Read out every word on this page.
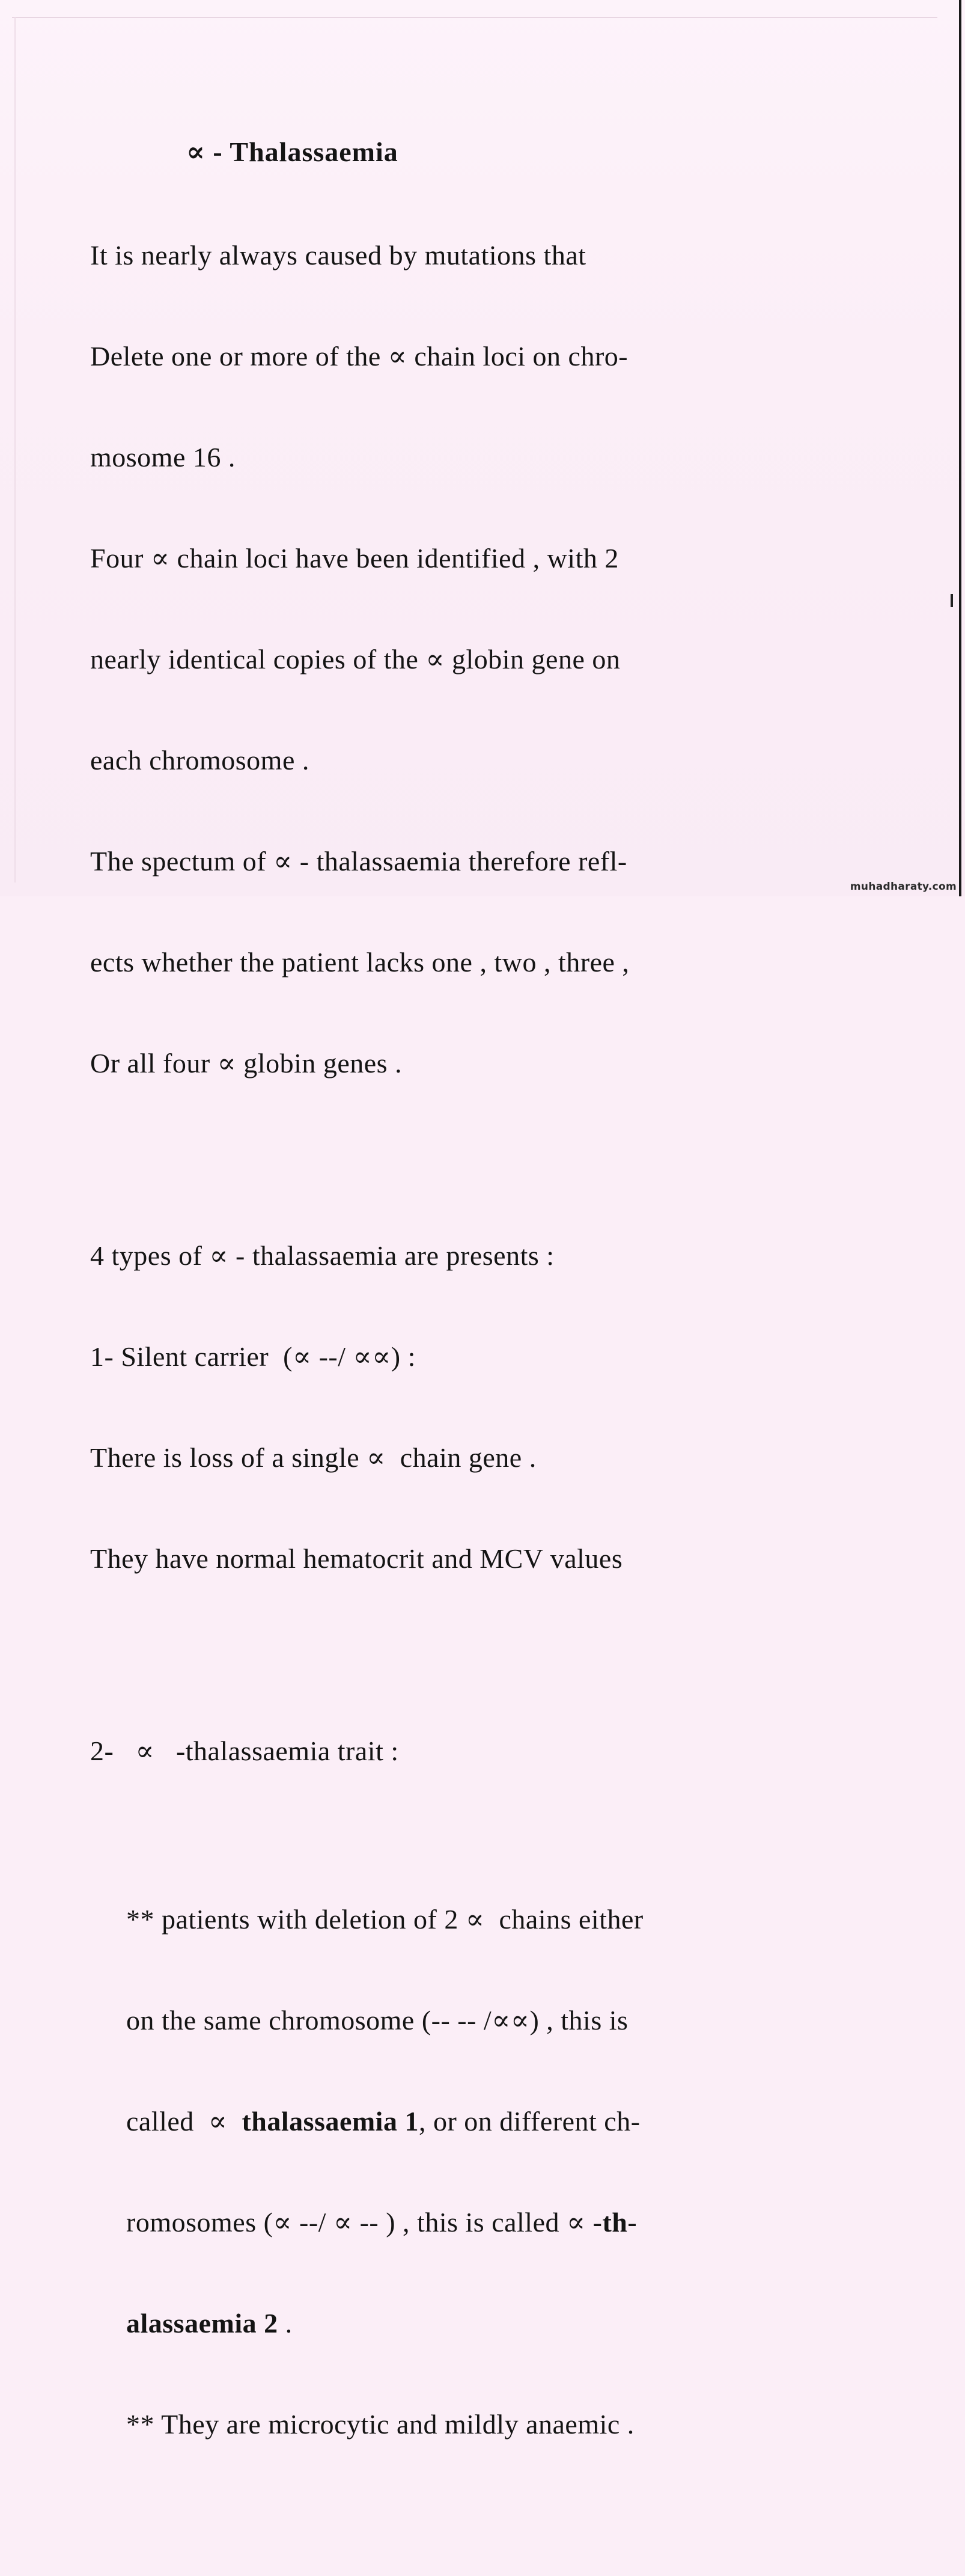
∝ - Thalassaemia

It is nearly always caused by mutations that

Delete one or more of the ∝ chain loci on chro-

mosome 16 .

Four ∝ chain loci have been identified , with 2

nearly identical copies of the ∝ globin gene on

each chromosome .

The spectum of ∝ - thalassaemia therefore refl-

ects whether the patient lacks one , two , three ,

Or all four ∝ globin genes .

4 types of ∝ - thalassaemia are presents :

1- Silent carrier  (∝ --/ ∝∝) :

There is loss of a single ∝  chain gene .

They have normal hematocrit and MCV values

2-   ∝   -thalassaemia trait :

** patients with deletion of 2 ∝  chains either

on the same chromosome (-- -- /∝∝) , this is

called  ∝  thalassaemia 1, or on different ch-

romosomes (∝ --/ ∝ -- ) , this is called ∝ -th-

alassaemia 2 .

** They are microcytic and mildly anaemic .

muhadharaty.com
